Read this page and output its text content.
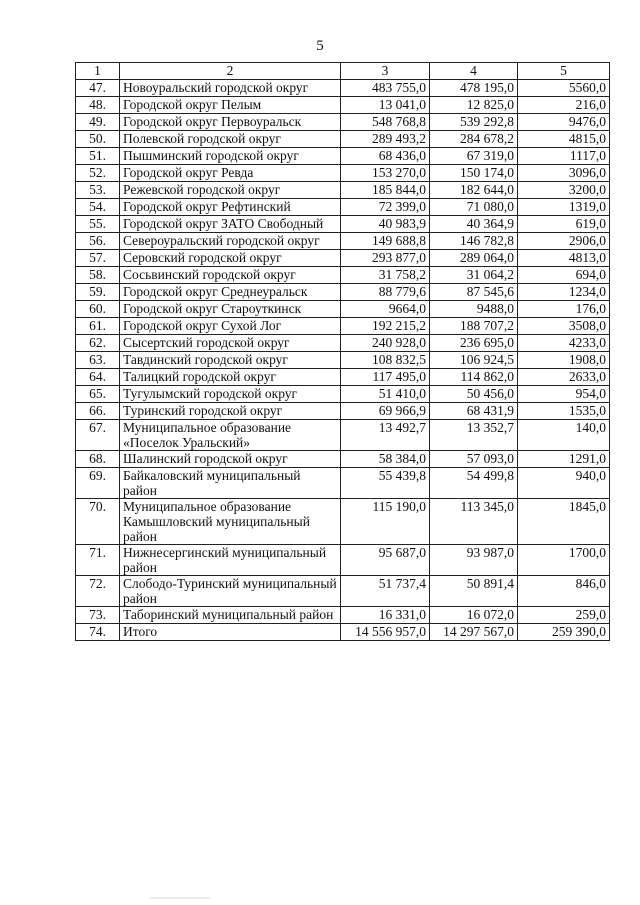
5
1	2	3	4	5
47.	Новоуральский городской округ	483 755,0	478 195,0	5560,0
48.	Городской округ Пелым	13 041,0	12 825,0	216,0
49.	Городской округ Первоуральск	548 768,8	539 292,8	9476,0
50.	Полевской городской округ	289 493,2	284 678,2	4815,0
51.	Пышминский городской округ	68 436,0	67 319,0	1117,0
52.	Городской округ Ревда	153 270,0	150 174,0	3096,0
53.	Режевской городской округ	185 844,0	182 644,0	3200,0
54.	Городской округ Рефтинский	72 399,0	71 080,0	1319,0
55.	Городской округ ЗАТО Свободный	40 983,9	40 364,9	619,0
56.	Североуральский городской округ	149 688,8	146 782,8	2906,0
57.	Серовский городской округ	293 877,0	289 064,0	4813,0
58.	Сосьвинский городской округ	31 758,2	31 064,2	694,0
59.	Городской округ Среднеуральск	88 779,6	87 545,6	1234,0
60.	Городской округ Староуткинск	9664,0	9488,0	176,0
61.	Городской округ Сухой Лог	192 215,2	188 707,2	3508,0
62.	Сысертский городской округ	240 928,0	236 695,0	4233,0
63.	Тавдинский городской округ	108 832,5	106 924,5	1908,0
64.	Талицкий городской округ	117 495,0	114 862,0	2633,0
65.	Тугулымский городской округ	51 410,0	50 456,0	954,0
66.	Туринский городской округ	69 966,9	68 431,9	1535,0
67.	Муниципальное образование «Поселок Уральский»	13 492,7	13 352,7	140,0
68.	Шалинский городской округ	58 384,0	57 093,0	1291,0
69.	Байкаловский муниципальный район	55 439,8	54 499,8	940,0
70.	Муниципальное образование Камышловский муниципальный район	115 190,0	113 345,0	1845,0
71.	Нижнесергинский муниципальный район	95 687,0	93 987,0	1700,0
72.	Слободо-Туринский муниципальный район	51 737,4	50 891,4	846,0
73.	Таборинский муниципальный район	16 331,0	16 072,0	259,0
74.	Итого	14 556 957,0	14 297 567,0	259 390,0
